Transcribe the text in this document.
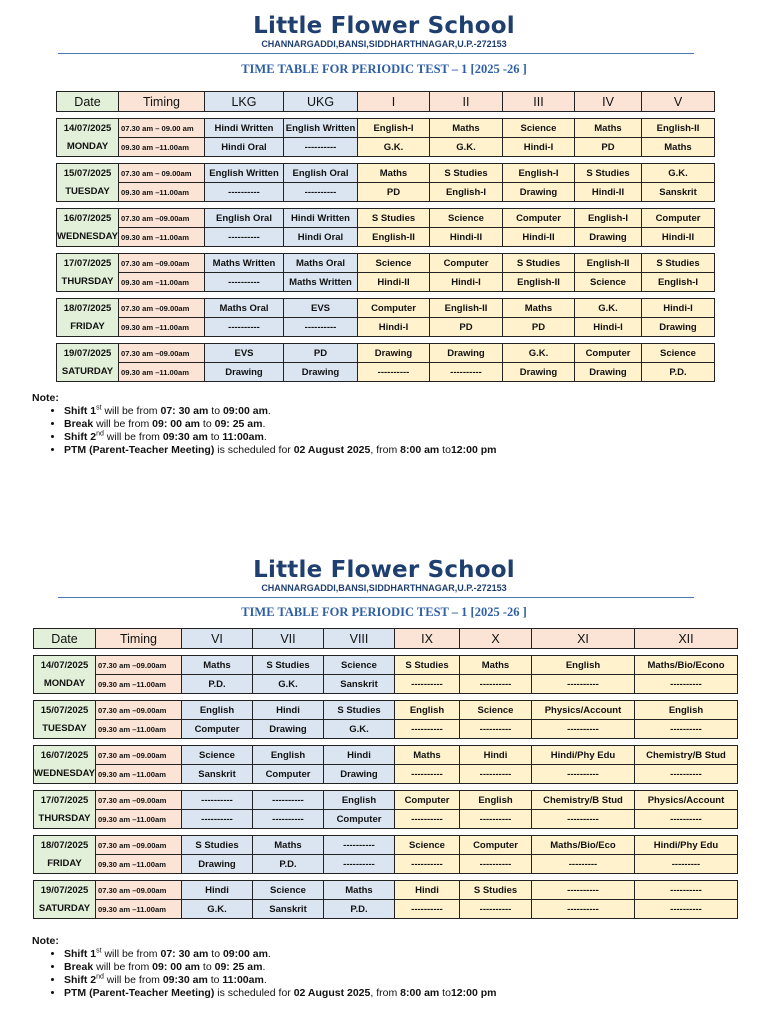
Little Flower School
CHANNARGADDI,BANSI,SIDDHARTHNAGAR,U.P.-272153
TIME TABLE FOR PERIODIC TEST – 1 [2025 -26 ]
Date	Timing	LKG	UKG	I	II	III	IV	V

14/07/2025
MONDAY	07.30 am – 09.00 am	Hindi Written	English Written	English-I	Maths	Science	Maths	English-II
	09.30 am –11.00am	Hindi Oral	----------	G.K.	G.K.	Hindi-I	PD	Maths

15/07/2025
TUESDAY	07.30 am – 09.00am	English Written	English Oral	Maths	S Studies	English-I	S Studies	G.K.
	09.30 am –11.00am	----------	----------	PD	English-I	Drawing	Hindi-II	Sanskrit

16/07/2025
WEDNESDAY	07.30 am –09.00am	English Oral	Hindi Written	S Studies	Science	Computer	English-I	Computer
	09.30 am –11.00am	----------	Hindi Oral	English-II	Hindi-II	Hindi-II	Drawing	Hindi-II

17/07/2025
THURSDAY	07.30 am –09.00am	Maths Written	Maths Oral	Science	Computer	S Studies	English-II	S Studies
	09.30 am –11.00am	----------	Maths Written	Hindi-II	Hindi-I	English-II	Science	English-I

18/07/2025
FRIDAY	07.30 am –09.00am	Maths Oral	EVS	Computer	English-II	Maths	G.K.	Hindi-I
	09.30 am –11.00am	----------	----------	Hindi-I	PD	PD	Hindi-I	Drawing

19/07/2025
SATURDAY	07.30 am –09.00am	EVS	PD	Drawing	Drawing	G.K.	Computer	Science
	09.30 am –11.00am	Drawing	Drawing	----------	----------	Drawing	Drawing	P.D.
Note:
• Shift 1st will be from 07: 30 am to 09:00 am.
• Break will be from 09: 00 am to 09: 25 am.
• Shift 2nd will be from 09:30 am to 11:00am.
• PTM (Parent-Teacher Meeting) is scheduled for 02 August 2025, from 8:00 am to12:00 pm
Little Flower School
CHANNARGADDI,BANSI,SIDDHARTHNAGAR,U.P.-272153
TIME TABLE FOR PERIODIC TEST – 1 [2025 -26 ]
Date	Timing	VI	VII	VIII	IX	X	XI	XII

14/07/2025
MONDAY	07.30 am –09.00am	Maths	S Studies	Science	S Studies	Maths	English	Maths/Bio/Econo
	09.30 am –11.00am	P.D.	G.K.	Sanskrit	----------	----------	----------	----------

15/07/2025
TUESDAY	07.30 am –09.00am	English	Hindi	S Studies	English	Science	Physics/Account	English
	09.30 am –11.00am	Computer	Drawing	G.K.	----------	----------	----------	----------

16/07/2025
WEDNESDAY	07.30 am –09.00am	Science	English	Hindi	Maths	Hindi	Hindi/Phy Edu	Chemistry/B Stud
	09.30 am –11.00am	Sanskrit	Computer	Drawing	----------	----------	----------	----------

17/07/2025
THURSDAY	07.30 am –09.00am	----------	----------	English	Computer	English	Chemistry/B Stud	Physics/Account
	09.30 am –11.00am	----------	----------	Computer	----------	----------	----------	----------

18/07/2025
FRIDAY	07.30 am –09.00am	S Studies	Maths	----------	Science	Computer	Maths/Bio/Eco	Hindi/Phy Edu
	09.30 am –11.00am	Drawing	P.D.	----------	----------	----------	---------	---------

19/07/2025
SATURDAY	07.30 am –09.00am	Hindi	Science	Maths	Hindi	S Studies	----------	----------
	09.30 am –11.00am	G.K.	Sanskrit	P.D.	----------	----------	----------	----------
Note:
• Shift 1st will be from 07: 30 am to 09:00 am.
• Break will be from 09: 00 am to 09: 25 am.
• Shift 2nd will be from 09:30 am to 11:00am.
• PTM (Parent-Teacher Meeting) is scheduled for 02 August 2025, from 8:00 am to12:00 pm
